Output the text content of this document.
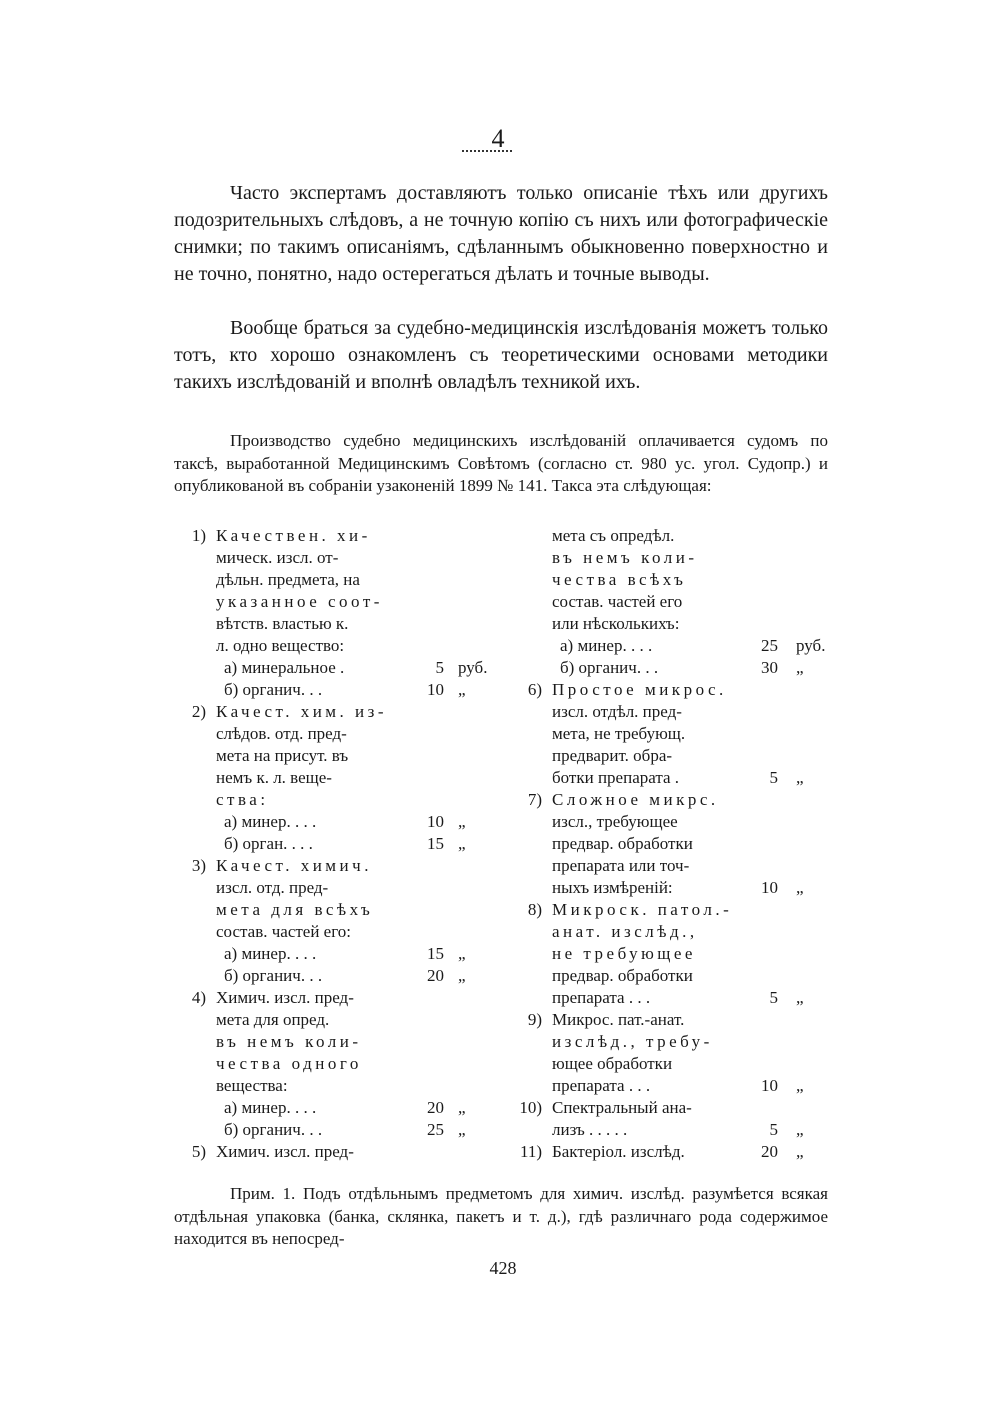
4

Часто экспертамъ доставляютъ только описаніе тѣхъ или другихъ подозрительныхъ слѣдовъ, а не точную копію съ нихъ или фотографическіе снимки; по такимъ описаніямъ, сдѣланнымъ обыкновенно поверхностно и не точно, понятно, надо остерегаться дѣлать и точные выводы.

Вообще браться за судебно-медицинскія изслѣдованія можетъ только тотъ, кто хорошо ознакомленъ съ теоретическими основами методики такихъ изслѣдованій и вполнѣ овладѣлъ техникой ихъ.

Производство судебно медицинскихъ изслѣдованій оплачивается судомъ по таксѣ, выработанной Медицинскимъ Совѣтомъ (согласно ст. 980 ус. угол. Судопр.) и опубликованой въ собраніи узаконеній 1899 № 141. Такса эта слѣдующая:

1) Качествен. хи-
мическ. изсл. от-
дѣльн. предмета, на
указанное соот-
вѣтств. властью к.
л. одно вещество:
а) минеральное .	5 руб.
б) органич. . .	10 „
2) Качест. хим. из-
слѣдов. отд. пред-
мета на присут. въ
немъ к. л. веще-
ства:
а) минер. . . .	10 „
б) орган. . . .	15 „
3) Качест. химич.
изсл. отд. пред-
мета для всѣхъ
состав. частей его:
а) минер. . . .	15 „
б) органич. . .	20 „
4) Химич. изсл. пред-
мета для опред.
въ немъ коли-
чества одного
вещества:
а) минер. . . .	20 „
б) органич. . .	25 „
5) Химич. изсл. пред-
мета съ опредѣл.
въ немъ коли-
чества всѣхъ
состав. частей его
или нѣсколькихъ:
а) минер. . . .	25 руб.
б) органич. . .	30 „
6) Простое микрос.
изсл. отдѣл. пред-
мета, не требующ.
предварит. обра-
ботки препарата .	5 „
7) Сложное микрс.
изсл., требующее
предвар. обработки
препарата или точ-
ныхъ измѣреній:	10 „
8) Микроск. патол.-
анат. изслѣд.,
не требующее
предвар. обработки
препарата . . .	5 „
9) Микрос. пат.-анат.
изслѣд., требу-
ющее обработки
препарата . . .	10 „
10) Спектральный ана-
лизъ . . . . .	5 „
11) Бактеріол. изслѣд.	20 „

Прим. 1. Подъ отдѣльнымъ предметомъ для химич. изслѣд. разумѣется всякая отдѣльная упаковка (банка, склянка, пакетъ и т. д.), гдѣ различнаго рода содержимое находится въ непосред-

428
